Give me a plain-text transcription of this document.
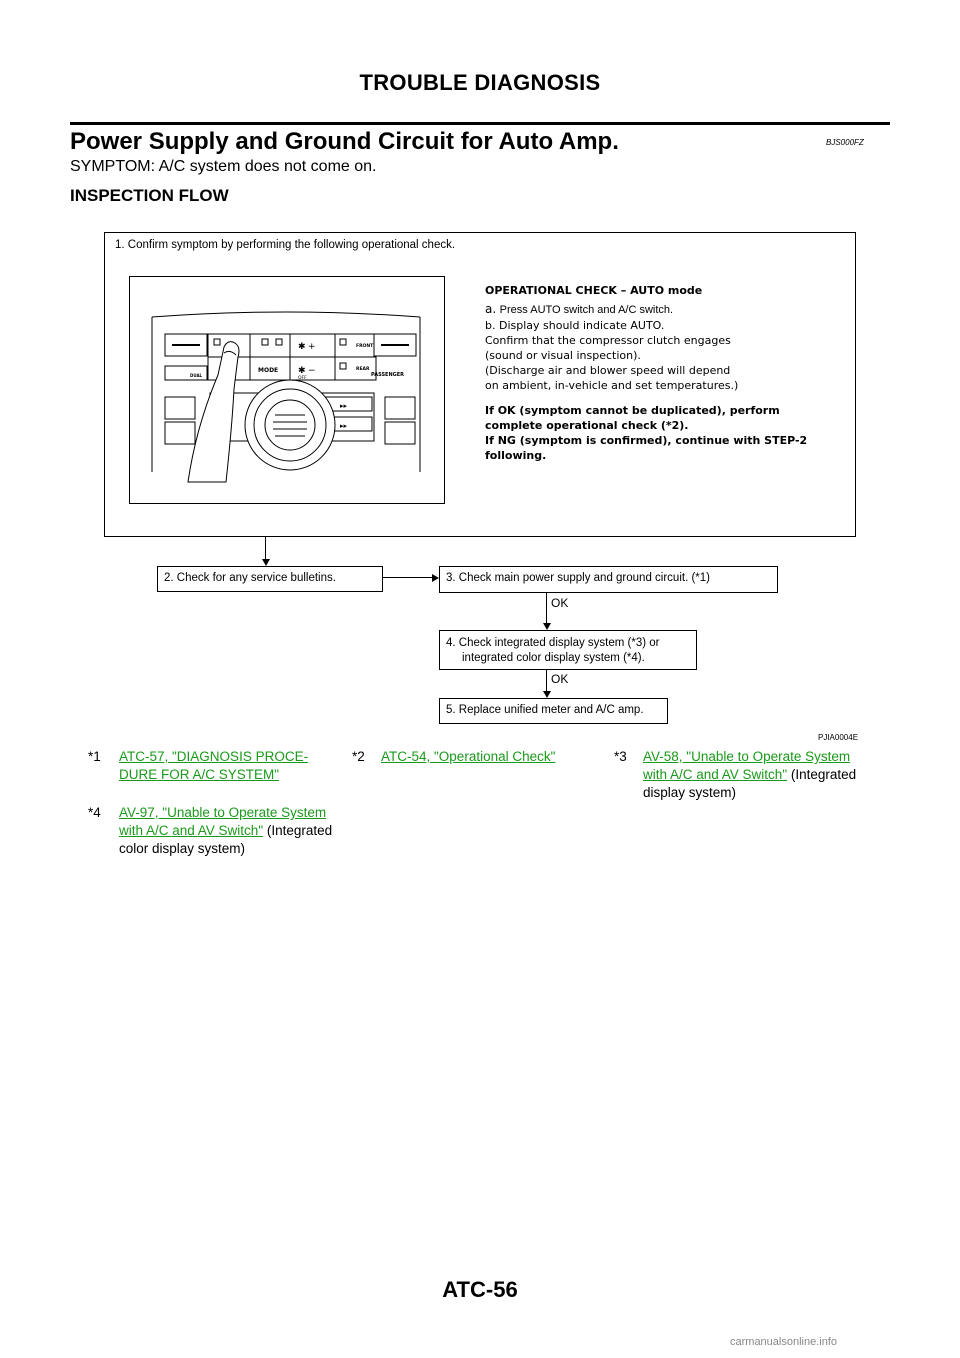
TROUBLE DIAGNOSIS
Power Supply and Ground Circuit for Auto Amp.	BJS000FZ
SYMPTOM: A/C system does not come on.
INSPECTION FLOW
1. Confirm symptom by performing the following operational check.
+
−
✱
✱
MODE
OFF
FRONT
REAR
DUAL	PASSENGER
▸▸
▸▸
OPERATIONAL CHECK – AUTO mode
a. Press AUTO switch and A/C switch.
b. Display should indicate AUTO.
Confirm that the compressor clutch engages
(sound or visual inspection).
(Discharge air and blower speed will depend
on ambient, in-vehicle and set temperatures.)
If OK (symptom cannot be duplicated), perform
complete operational check (*2).
If NG (symptom is confirmed), continue with STEP-2
following.
2. Check for any service bulletins.	3. Check main power supply and ground circuit. (*1)
OK
4. Check integrated display system (*3) or
integrated color display system (*4).
OK
5. Replace unified meter and A/C amp.
PJIA0004E
*1 ATC-57, "DIAGNOSIS PROCE-
DURE FOR A/C SYSTEM"
*2 ATC-54, "Operational Check"	*3 AV-58, "Unable to Operate System
with A/C and AV Switch" (Integrated
display system)
*4 AV-97, "Unable to Operate System
with A/C and AV Switch" (Integrated
color display system)
ATC-56
carmanualsonline.info
